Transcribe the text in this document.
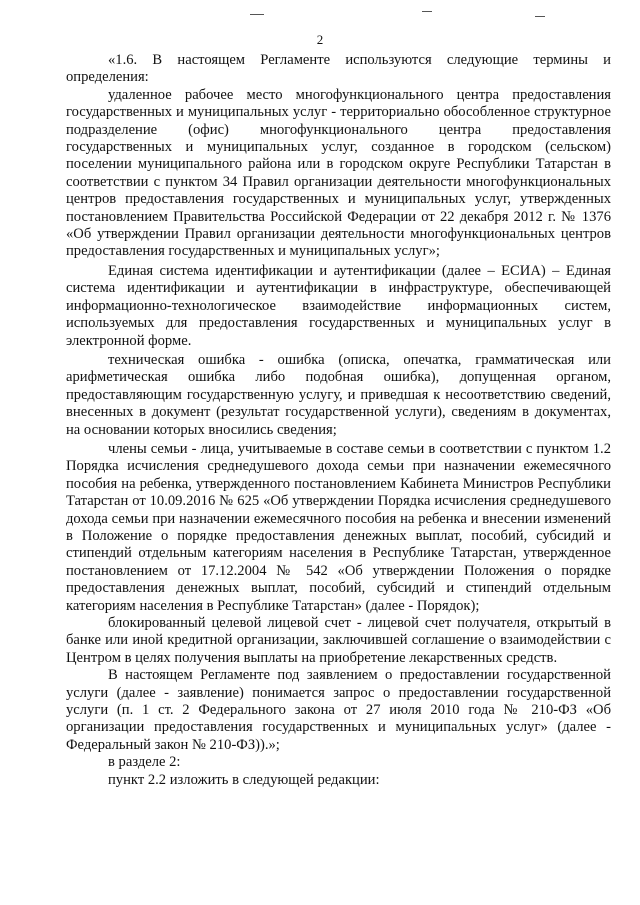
2

«1.6. В настоящем Регламенте используются следующие термины и определения:

удаленное рабочее место многофункционального центра предоставления государственных и муниципальных услуг - территориально обособленное структурное подразделение (офис) многофункционального центра предоставления государственных и муниципальных услуг, созданное в городском (сельском) поселении муниципального района или в городском округе Республики Татарстан в соответствии с пунктом 34 Правил организации деятельности многофункциональных центров предоставления государственных и муниципальных услуг, утвержденных постановлением Правительства Российской Федерации от 22 декабря 2012 г. № 1376 «Об утверждении Правил организации деятельности многофункциональных центров предоставления государственных и муниципальных услуг»;

Единая система идентификации и аутентификации (далее – ЕСИА) – Единая система идентификации и аутентификации в инфраструктуре, обеспечивающей информационно-технологическое взаимодействие информационных систем, используемых для предоставления государственных и муниципальных услуг в электронной форме.

техническая ошибка - ошибка (описка, опечатка, грамматическая или арифметическая ошибка либо подобная ошибка), допущенная органом, предоставляющим государственную услугу, и приведшая к несоответствию сведений, внесенных в документ (результат государственной услуги), сведениям в документах, на основании которых вносились сведения;

члены семьи - лица, учитываемые в составе семьи в соответствии с пунктом 1.2 Порядка исчисления среднедушевого дохода семьи при назначении ежемесячного пособия на ребенка, утвержденного постановлением Кабинета Министров Республики Татарстан от 10.09.2016 № 625 «Об утверждении Порядка исчисления среднедушевого дохода семьи при назначении ежемесячного пособия на ребенка и внесении изменений в Положение о порядке предоставления денежных выплат, пособий, субсидий и стипендий отдельным категориям населения в Республике Татарстан, утвержденное постановлением от 17.12.2004 № 542 «Об утверждении Положения о порядке предоставления денежных выплат, пособий, субсидий и стипендий отдельным категориям населения в Республике Татарстан» (далее - Порядок);

блокированный целевой лицевой счет - лицевой счет получателя, открытый в банке или иной кредитной организации, заключившей соглашение о взаимодействии с Центром в целях получения выплаты на приобретение лекарственных средств.

В настоящем Регламенте под заявлением о предоставлении государственной услуги (далее - заявление) понимается запрос о предоставлении государственной услуги (п. 1 ст. 2 Федерального закона от 27 июля 2010 года № 210-ФЗ «Об организации предоставления государственных и муниципальных услуг» (далее - Федеральный закон № 210-ФЗ)).»;

в разделе 2:

пункт 2.2 изложить в следующей редакции:
